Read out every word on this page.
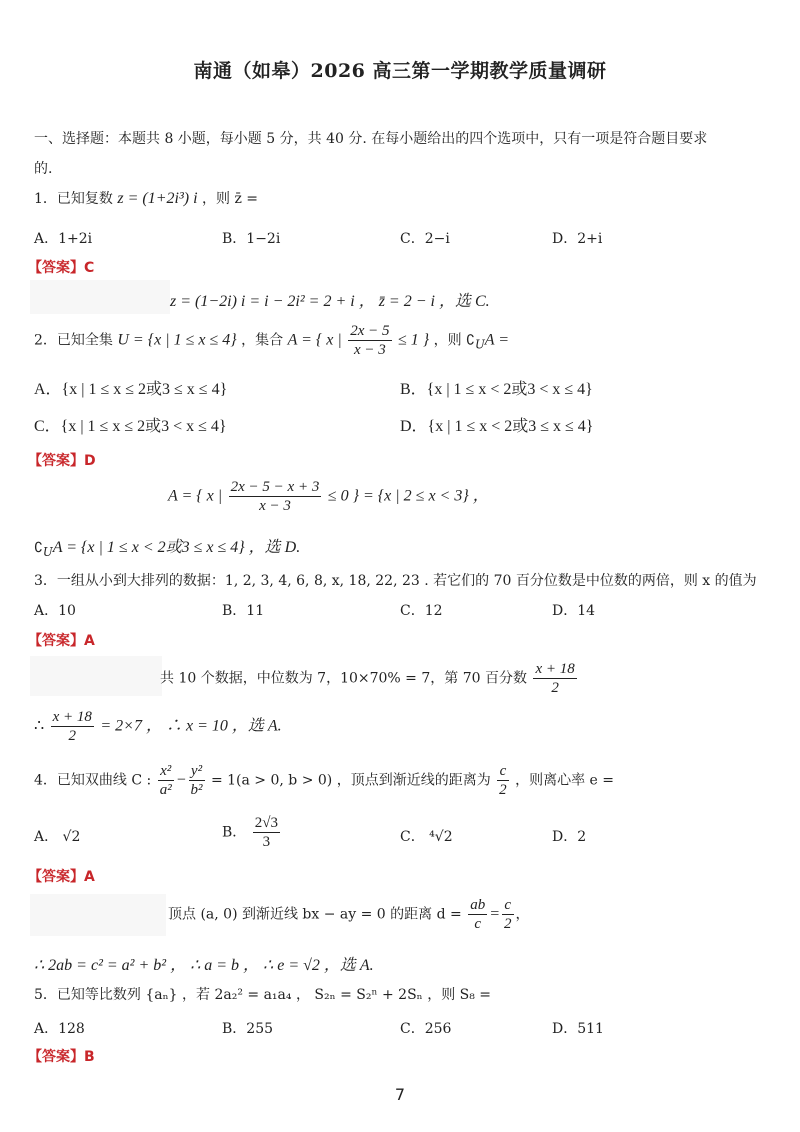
南通（如皋）2026 高三第一学期教学质量调研
一、选择题：本题共 8 小题，每小题 5 分，共 40 分. 在每小题给出的四个选项中，只有一项是符合题目要求
的.
1．已知复数 z = (1+2i³) i ，则 z̄ =
A．1+2i	B．1−2i	C．2−i	D．2+i
【答案】C
z = (1−2i) i = i − 2i² = 2 + i ， z̄ = 2 − i ，选 C.
2．已知全集 U = {x | 1 ≤ x ≤ 4} ，集合 A = { x | $\frac{2x - 5}{x - 3} \le 1$ } ，则 $∁_UA$ =
A．{x | 1 ≤ x ≤ 2或3 ≤ x ≤ 4}	B．{x | 1 ≤ x < 2或3 < x ≤ 4}
C．{x | 1 ≤ x ≤ 2或3 < x ≤ 4}	D．{x | 1 ≤ x < 2或3 ≤ x ≤ 4}
【答案】D
A = { x | $\frac{2x - 5 - x + 3}{x - 3} \le 0$ } = {x | 2 ≤ x < 3} ，
$∁_UA = \{x$ | 1 ≤ x < 2或3 ≤ x ≤ 4} ，选 D.
3．一组从小到大排列的数据：1, 2, 3, 4, 6, 8, x, 18, 22, 23 . 若它们的 70 百分位数是中位数的两倍，则 x 的值为
A．10	B．11	C．12	D．14
【答案】A
共 10 个数据，中位数为 7，10×70% = 7，第 70 百分数 $\frac{x + 18}{2}$
∴ $\frac{x + 18}{2} = 2\times 7$ ， ∴ x = 10 ，选 A.
4．已知双曲线 C : $\frac{\text{x²}}{\text{a²}} - \frac{\text{y²}}{\text{b²}} = 1(a > 0$, b > 0) ，顶点到渐近线的距离为 $\frac{c}{2}$ ，则离心率 e =
A． √2	B． $\frac{2√3}{3}$	C． ⁴√2	D．2
【答案】A
顶点 (a, 0) 到渐近线 bx − ay = 0 的距离 $d = \frac{ab}{c} = \frac{c}{2}$ ，
∴ 2ab = c² = a² + b² ， ∴ a = b ， ∴ e = √2 ，选 A.
5．已知等比数列 {aₙ} ，若 2a₂² = a₁a₄ ， S₂ₙ = S₂ⁿ + 2Sₙ ，则 S₈ =
A．128	B．255	C．256	D．511
【答案】B
7
